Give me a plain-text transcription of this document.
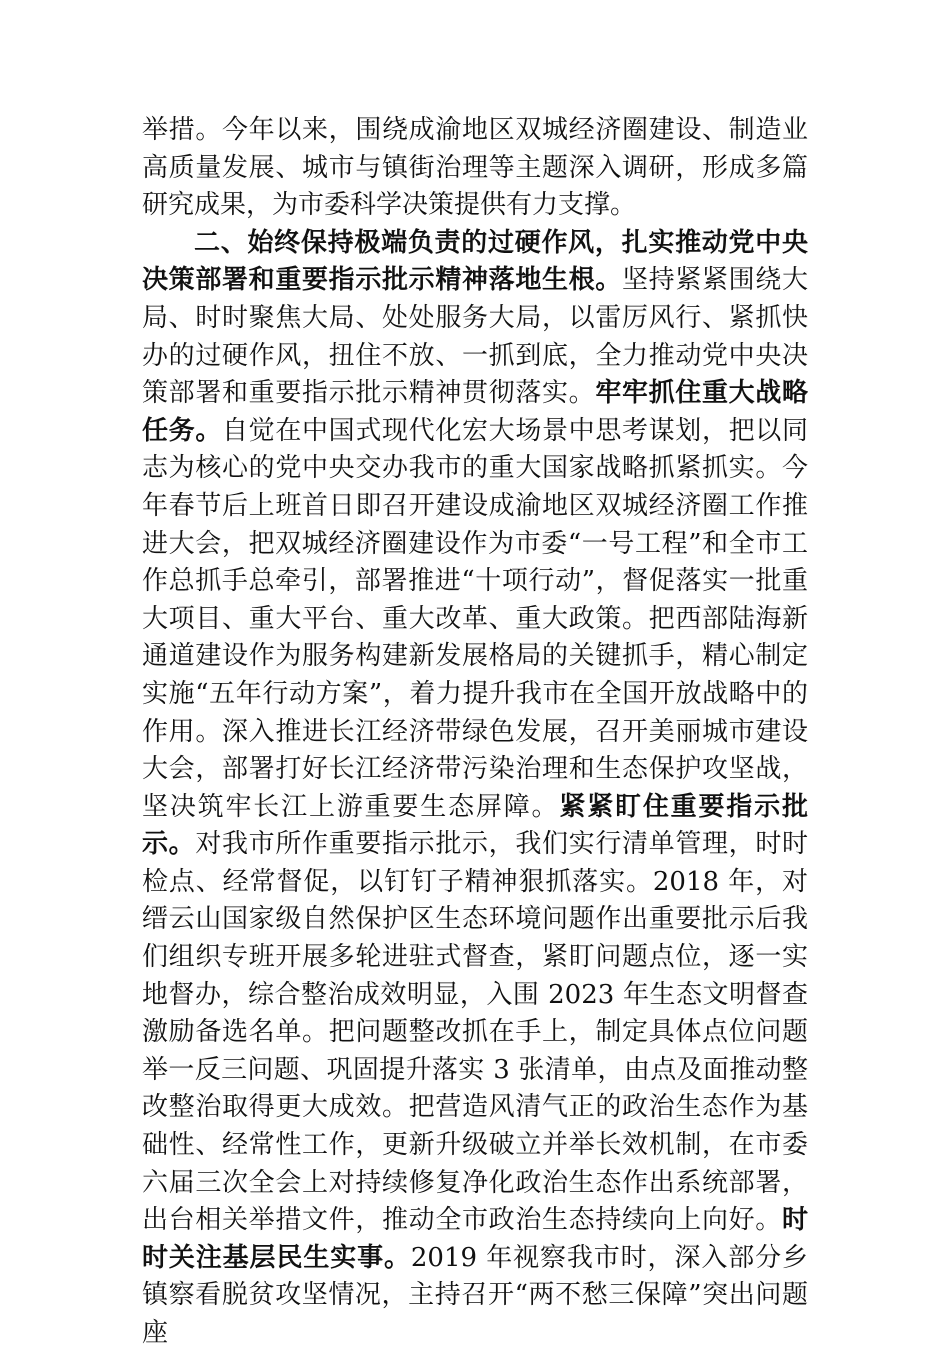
举措。今年以来，围绕成渝地区双城经济圈建设、制造业高质量发展、城市与镇街治理等主题深入调研，形成多篇研究成果，为市委科学决策提供有力支撑。

二、始终保持极端负责的过硬作风，扎实推动党中央决策部署和重要指示批示精神落地生根。坚持紧紧围绕大局、时时聚焦大局、处处服务大局，以雷厉风行、紧抓快办的过硬作风，扭住不放、一抓到底，全力推动党中央决策部署和重要指示批示精神贯彻落实。牢牢抓住重大战略任务。自觉在中国式现代化宏大场景中思考谋划，把以同志为核心的党中央交办我市的重大国家战略抓紧抓实。今年春节后上班首日即召开建设成渝地区双城经济圈工作推进大会，把双城经济圈建设作为市委“一号工程”和全市工作总抓手总牵引，部署推进“十项行动”，督促落实一批重大项目、重大平台、重大改革、重大政策。把西部陆海新通道建设作为服务构建新发展格局的关键抓手，精心制定实施“五年行动方案”，着力提升我市在全国开放战略中的作用。深入推进长江经济带绿色发展，召开美丽城市建设大会，部署打好长江经济带污染治理和生态保护攻坚战，坚决筑牢长江上游重要生态屏障。紧紧盯住重要指示批示。对我市所作重要指示批示，我们实行清单管理，时时检点、经常督促，以钉钉子精神狠抓落实。2018 年，对缙云山国家级自然保护区生态环境问题作出重要批示后我们组织专班开展多轮进驻式督查，紧盯问题点位，逐一实地督办，综合整治成效明显，入围 2023 年生态文明督查激励备选名单。把问题整改抓在手上，制定具体点位问题举一反三问题、巩固提升落实 3 张清单，由点及面推动整改整治取得更大成效。把营造风清气正的政治生态作为基础性、经常性工作，更新升级破立并举长效机制，在市委六届三次全会上对持续修复净化政治生态作出系统部署，出台相关举措文件，推动全市政治生态持续向上向好。时时关注基层民生实事。2019 年视察我市时，深入部分乡镇察看脱贫攻坚情况，主持召开“两不愁三保障”突出问题座
